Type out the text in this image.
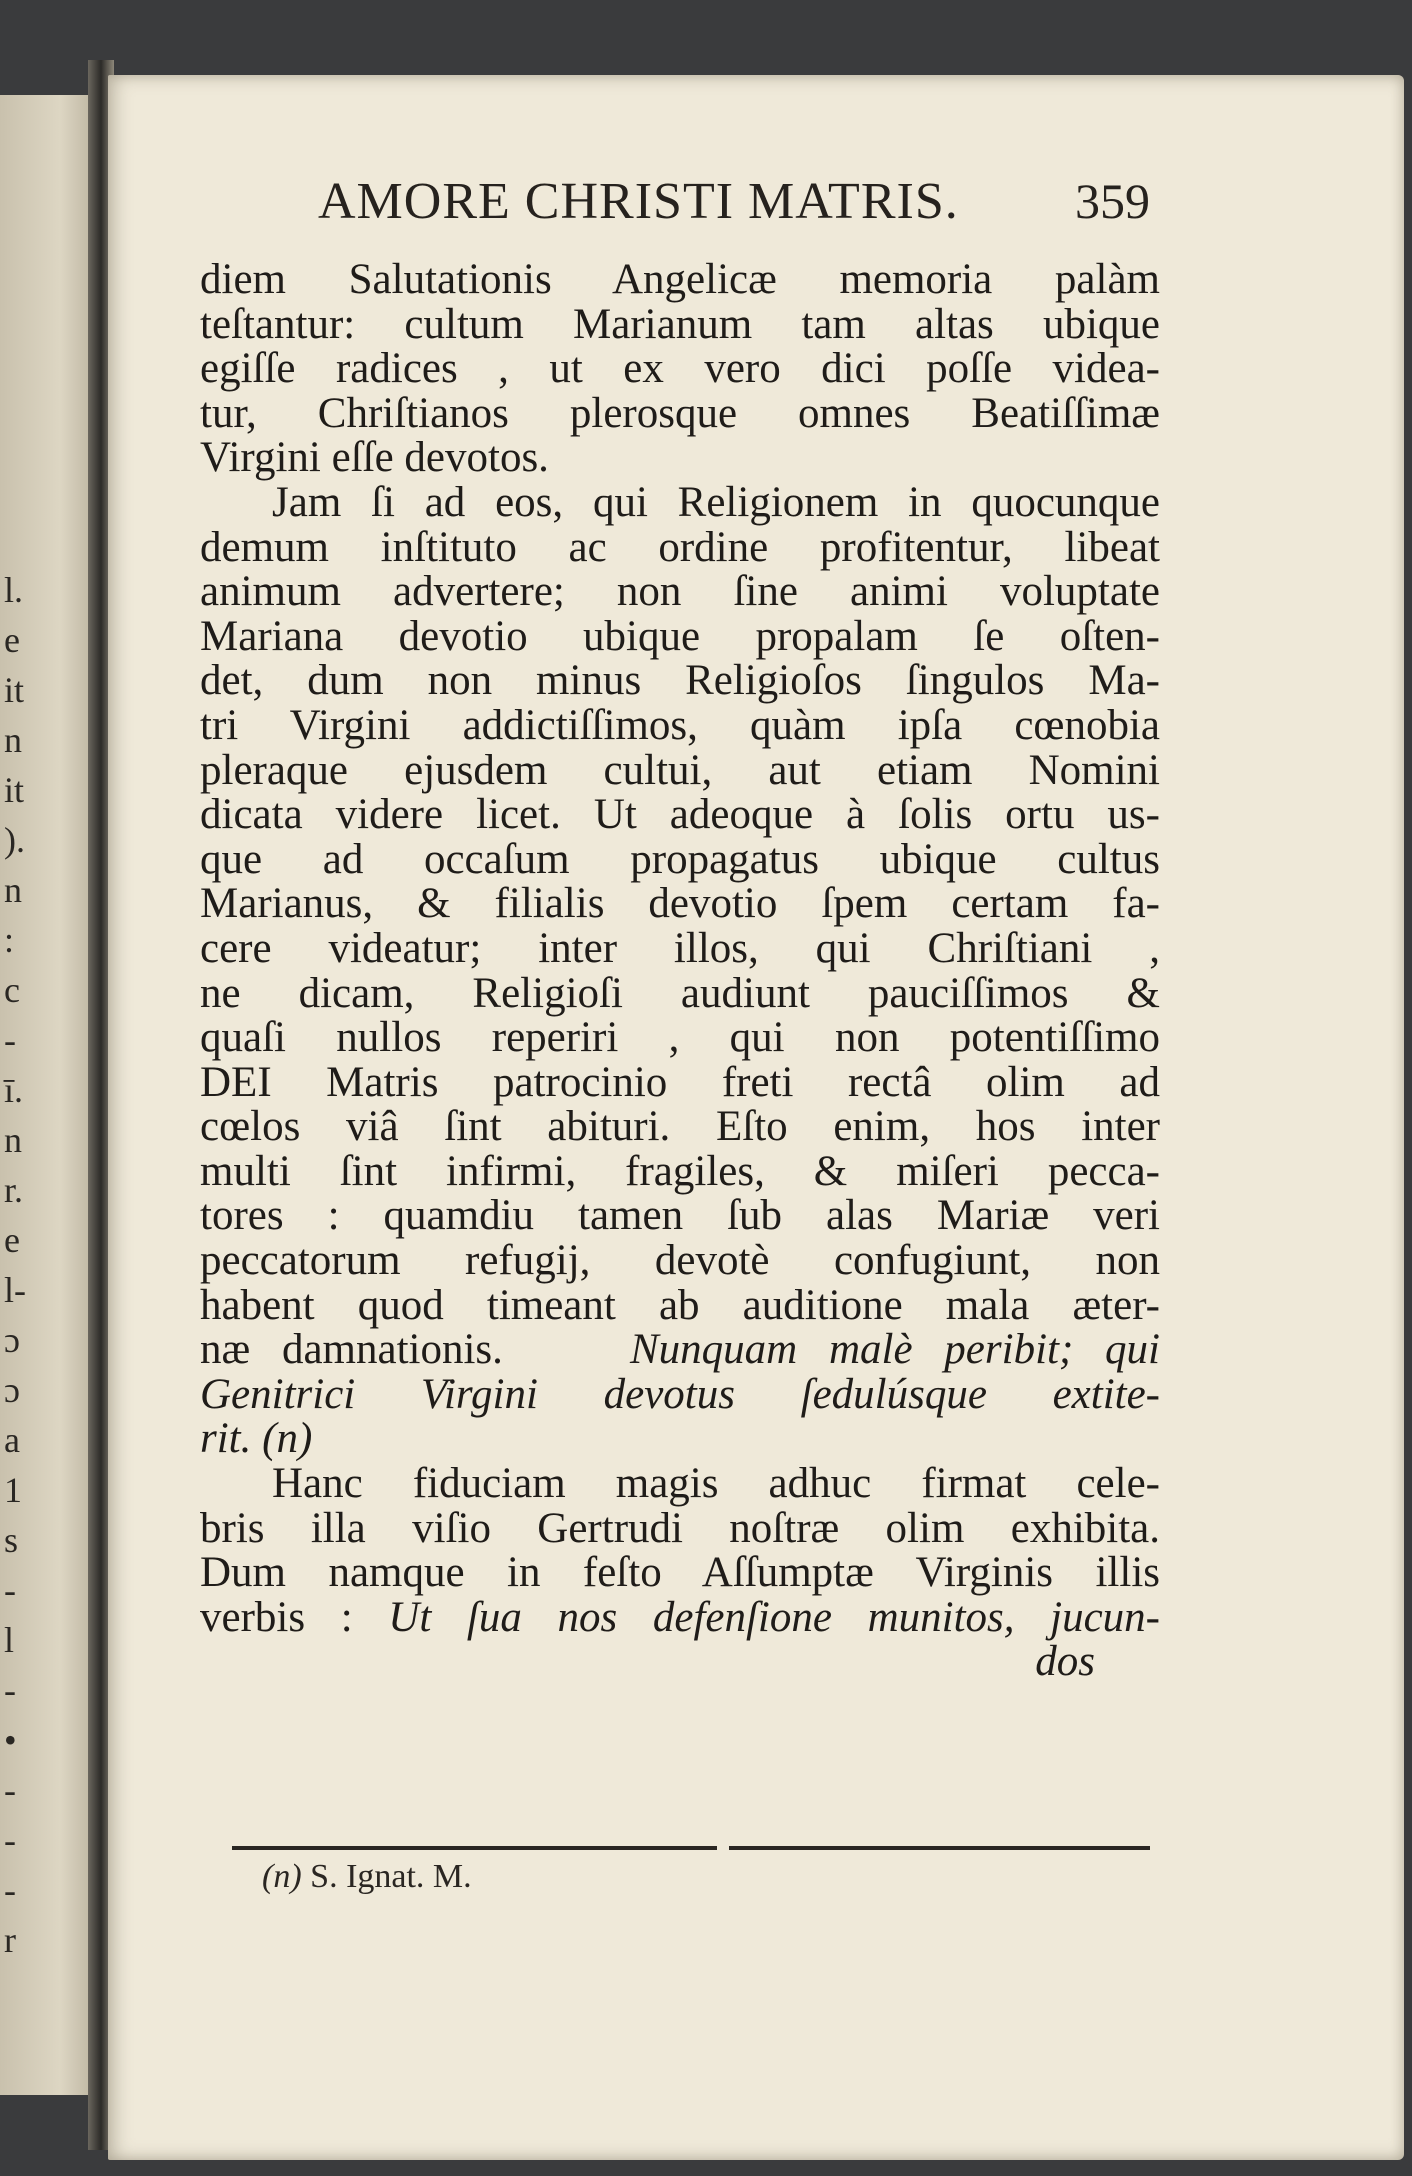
l.
e
it
n
it
).
n
:
c
-
ī.
n
r.
e
l-
ɔ
ɔ
a
1
s
-
l
-
•
-
-
-
r
AMORE CHRISTI MATRIS. 359
diem Salutationis Angelicæ memoria palàm
teſtantur: cultum Marianum tam altas ubique
egiſſe radices , ut ex vero dici poſſe videa-
tur, Chriſtianos plerosque omnes Beatiſſimæ
Virgini eſſe devotos.
Jam ſi ad eos, qui Religionem in quocunque
demum inſtituto ac ordine profitentur, libeat
animum advertere; non ſine animi voluptate
Mariana devotio ubique propalam ſe oſten-
det, dum non minus Religioſos ſingulos Ma-
tri Virgini addictiſſimos, quàm ipſa cœnobia
pleraque ejusdem cultui, aut etiam Nomini
dicata videre licet. Ut adeoque à ſolis ortu us-
que ad occaſum propagatus ubique cultus
Marianus, & filialis devotio ſpem certam fa-
cere videatur; inter illos, qui Chriſtiani ,
ne dicam, Religioſi audiunt pauciſſimos &
quaſi nullos reperiri , qui non potentiſſimo
DEI Matris patrocinio freti rectâ olim ad
cœlos viâ ſint abituri. Eſto enim, hos inter
multi ſint infirmi, fragiles, & miſeri pecca-
tores : quamdiu tamen ſub alas Mariæ veri
peccatorum refugij, devotè confugiunt, non
habent quod timeant ab auditione mala æter-
næ damnationis.	Nunquam malè peribit; qui
Genitrici Virgini devotus ſedulúsque extite-
rit. (n)
Hanc fiduciam magis adhuc firmat cele-
bris illa viſio Gertrudi noſtræ olim exhibita.
Dum namque in feſto Aſſumptæ Virginis illis
verbis : Ut ſua nos defenſione munitos, jucun-
dos
(n) S. Ignat. M.
